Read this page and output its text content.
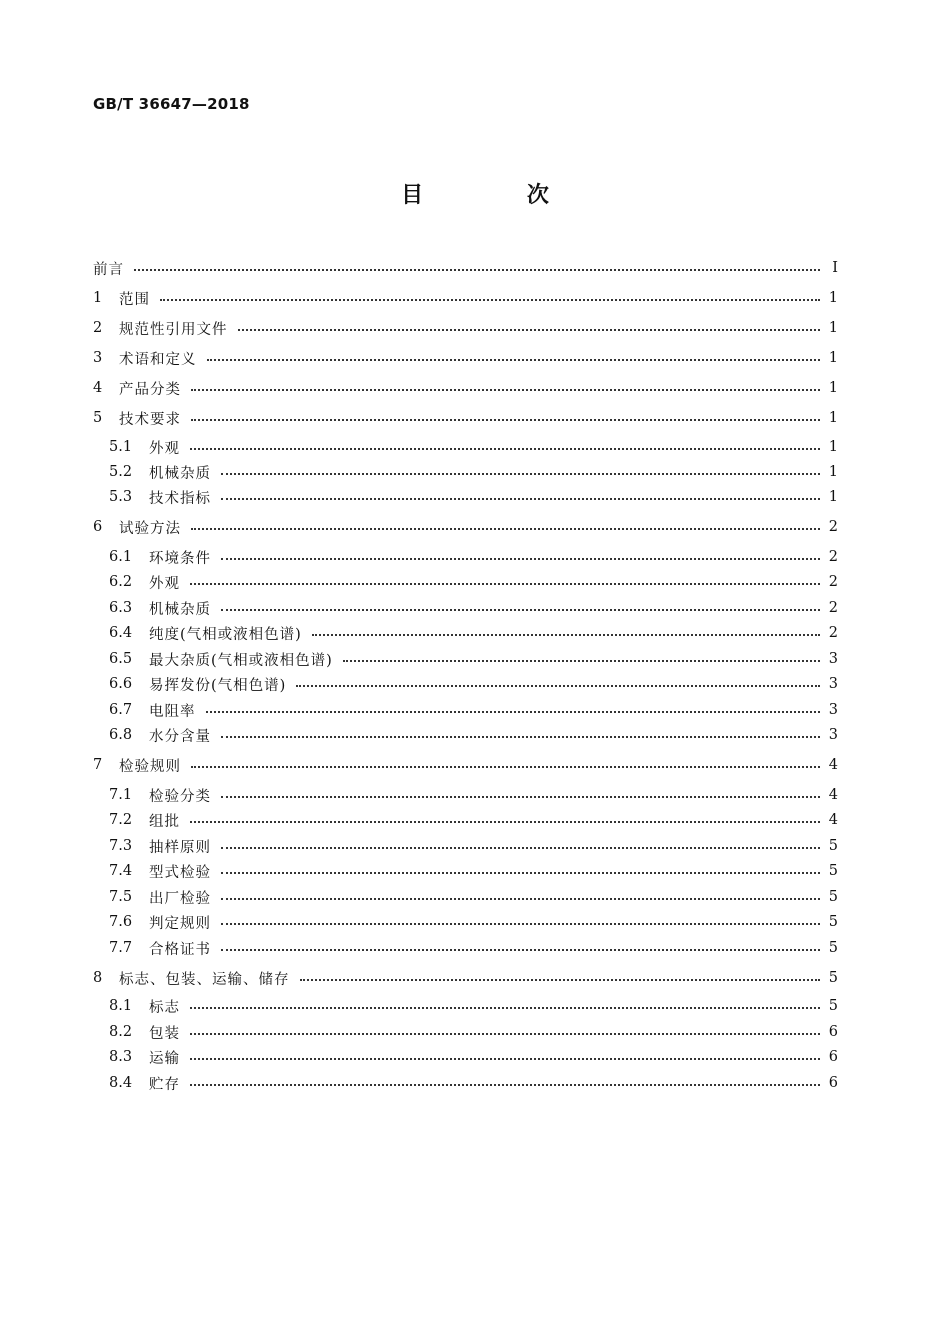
GB/T 36647—2018
目 次
前言	Ⅰ
1	范围	1
2	规范性引用文件	1
3	术语和定义	1
4	产品分类	1
5	技术要求	1
5.1	外观	1
5.2	机械杂质	1
5.3	技术指标	1
6	试验方法	2
6.1	环境条件	2
6.2	外观	2
6.3	机械杂质	2
6.4	纯度(气相或液相色谱)	2
6.5	最大杂质(气相或液相色谱)	3
6.6	易挥发份(气相色谱)	3
6.7	电阻率	3
6.8	水分含量	3
7	检验规则	4
7.1	检验分类	4
7.2	组批	4
7.3	抽样原则	5
7.4	型式检验	5
7.5	出厂检验	5
7.6	判定规则	5
7.7	合格证书	5
8	标志、包装、运输、储存	5
8.1	标志	5
8.2	包装	6
8.3	运输	6
8.4	贮存	6
